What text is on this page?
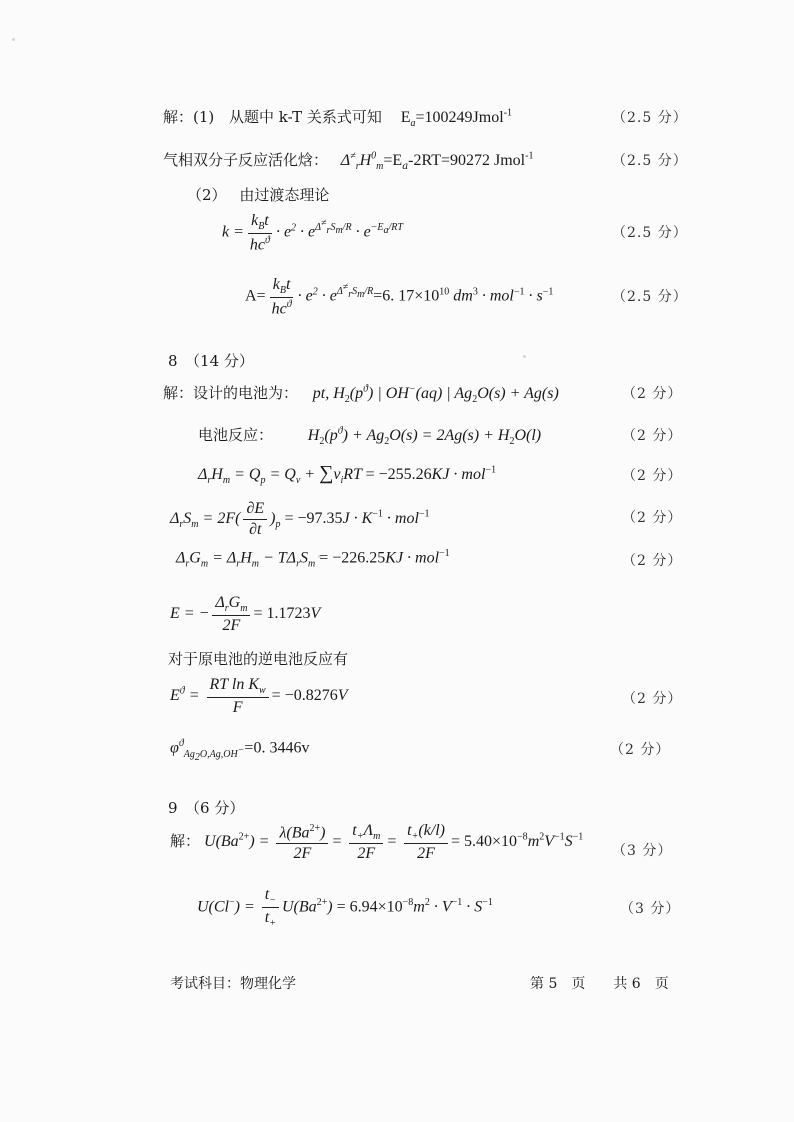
解：(1) 从题中 k-T 关系式可知 $E_a=100249Jmol^{-1}$	（2.5 分）
气相双分子反应活化焓： $\Delta^\ne_rH^0_m=E_a-2RT=90272$ Jmol$^{-1}$	（2.5 分）
（2） 由过渡态理论
$k = \frac{k_Bt}{hc^ϑ} \cdot e^2 \cdot e^{\Delta^\ne_rS_m/R} \cdot e^{-E_a/RT}$	（2.5 分）
$A= \frac{k_Bt}{hc^ϑ} \cdot e^2 \cdot e^{\Delta^\ne_rS_m/R}=6$. $17\times 10^{10}$ $dm^3 \cdot mol^{-1} \cdot s^{-1}$	（2.5 分）
8　（14 分）
解：设计的电池为： pt, $H_2(p^ϑ)$ | OH−(aq) | $Ag_2O(s) + Ag(s)$	（2 分）
电池反应： $H_2(p^ϑ) + Ag_2O(s) = 2Ag(s) + H_2O(l)$	（2 分）
$\Delta_rH_m = Q_p = Q_v + \sum\nu_iRT = -255.26KJ \cdot mol^{-1}$	（2 分）
$\Delta_rS_m = 2F( \frac{\partial E}{\partial t} )_p = -97.35J \cdot K^{-1} \cdot mol^{-1}$	（2 分）
$\Delta_rG_m = \Delta_rH_m - T\Delta_rS_m = -226.25KJ \cdot mol^{-1}$	（2 分）
E = − $\frac{\Delta_rG_m}{2F} = 1.1723V$
对于原电池的逆电池反应有
$E^ϑ = \frac{RT \ln K_w}{F} = -0.8276V$	（2 分）
$\varphi^ϑ_{Ag_2O,Ag,OH^-}=0$. 3446v	（2 分）
9　（6 分）
解： $U(Ba^{2+}) = \frac{\lambda(Ba^{2+})}{2F} = \frac{t_+\Lambda_m}{2F} = \frac{t_+(k/l)}{2F} = 5.40\times 10^{-8}m^2V^{-1}S^{-1}$
（3 分）
$U(Cl^-) = \frac{t_-}{t_+} U(Ba^{2+}) = 6.94\times 10^{-8}m^2 \cdot V^{-1} \cdot S^{-1}$	（3 分）
考试科目：物理化学	第 5　页　　共 6　页
